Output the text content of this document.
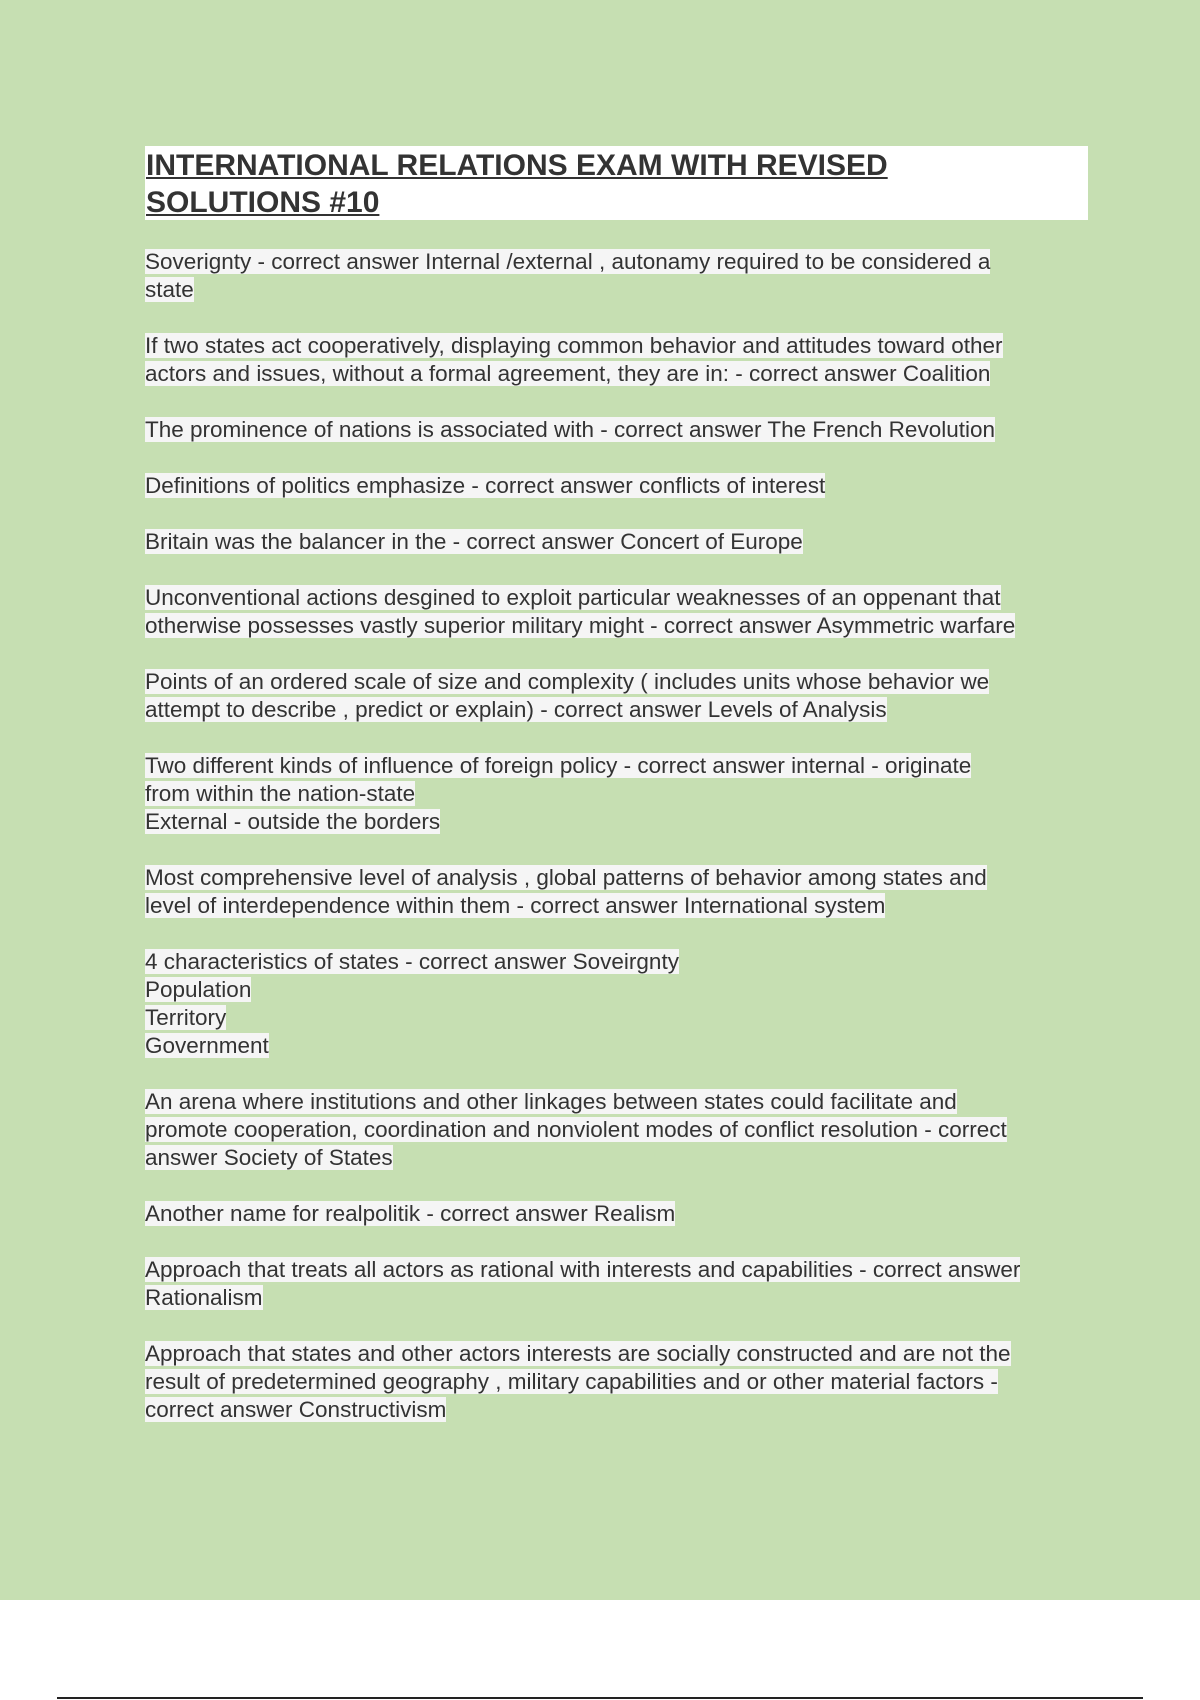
INTERNATIONAL RELATIONS EXAM WITH REVISED SOLUTIONS #10

Soverignty - correct answer Internal /external , autonamy required to be considered a
state

If two states act cooperatively, displaying common behavior and attitudes toward other
actors and issues, without a formal agreement, they are in: - correct answer Coalition

The prominence of nations is associated with - correct answer The French Revolution

Definitions of politics emphasize - correct answer conflicts of interest

Britain was the balancer in the - correct answer Concert of Europe

Unconventional actions desgined to exploit particular weaknesses of an oppenant that
otherwise possesses vastly superior military might - correct answer Asymmetric warfare

Points of an ordered scale of size and complexity ( includes units whose behavior we
attempt to describe , predict or explain) - correct answer Levels of Analysis

Two different kinds of influence of foreign policy - correct answer internal - originate
from within the nation-state
External - outside the borders

Most comprehensive level of analysis , global patterns of behavior among states and
level of interdependence within them - correct answer International system

4 characteristics of states - correct answer Soveirgnty
Population
Territory
Government

An arena where institutions and other linkages between states could facilitate and
promote cooperation, coordination and nonviolent modes of conflict resolution - correct
answer Society of States

Another name for realpolitik - correct answer Realism

Approach that treats all actors as rational with interests and capabilities - correct answer
Rationalism

Approach that states and other actors interests are socially constructed and are not the
result of predetermined geography , military capabilities and or other material factors -
correct answer Constructivism
